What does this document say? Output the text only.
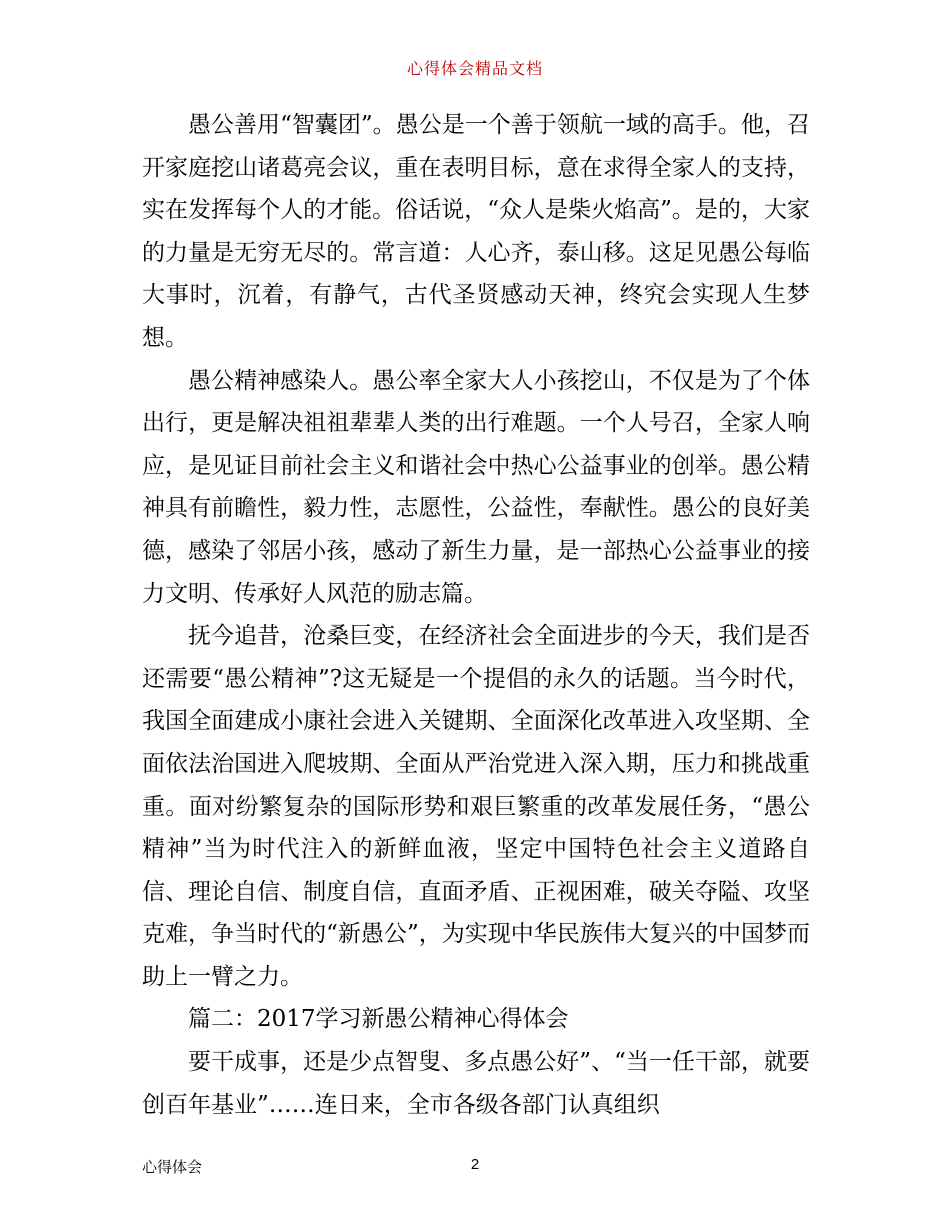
心得体会精品文档

愚公善用“智囊团”。愚公是一个善于领航一域的高手。他，召开家庭挖山诸葛亮会议，重在表明目标，意在求得全家人的支持，实在发挥每个人的才能。俗话说，“众人是柴火焰高”。是的，大家的力量是无穷无尽的。常言道：人心齐，泰山移。这足见愚公每临大事时，沉着，有静气，古代圣贤感动天神，终究会实现人生梦想。

愚公精神感染人。愚公率全家大人小孩挖山，不仅是为了个体出行，更是解决祖祖辈辈人类的出行难题。一个人号召，全家人响应，是见证目前社会主义和谐社会中热心公益事业的创举。愚公精神具有前瞻性，毅力性，志愿性，公益性，奉献性。愚公的良好美德，感染了邻居小孩，感动了新生力量，是一部热心公益事业的接力文明、传承好人风范的励志篇。

抚今追昔，沧桑巨变，在经济社会全面进步的今天，我们是否还需要“愚公精神”?这无疑是一个提倡的永久的话题。当今时代，我国全面建成小康社会进入关键期、全面深化改革进入攻坚期、全面依法治国进入爬坡期、全面从严治党进入深入期，压力和挑战重重。面对纷繁复杂的国际形势和艰巨繁重的改革发展任务，“愚公精神”当为时代注入的新鲜血液，坚定中国特色社会主义道路自信、理论自信、制度自信，直面矛盾、正视困难，破关夺隘、攻坚克难，争当时代的“新愚公”，为实现中华民族伟大复兴的中国梦而助上一臂之力。

篇二：2017学习新愚公精神心得体会

要干成事，还是少点智叟、多点愚公好”、“当一任干部，就要创百年基业”……连日来，全市各级各部门认真组织

心得体会	2
